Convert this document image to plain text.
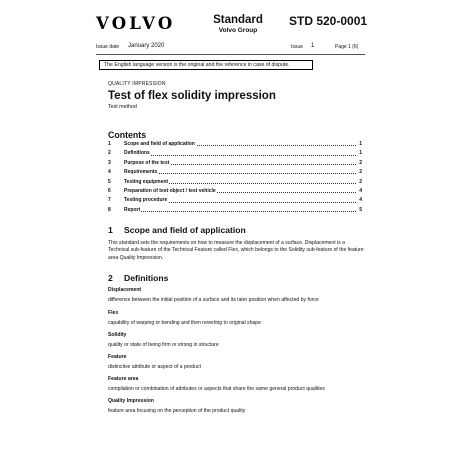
VOLVO	Standard
Volvo Group
STD 520-0001
Issue date January 2020	Issue 1	Page 1 (6)
The English language version is the original and the reference in case of dispute.
QUALITY IMPRESSION
Test of flex solidity impression
Test method
Contents
1	Scope and field of application	1
2	Definitions	1
3	Purpose of the test	2
4	Requirements	2
5	Testing equipment	2
6	Preparation of test object / test vehicle	4
7	Testing procedure	4
8	Report	5
1 Scope and field of application
This standard sets the requirements on how to measure the displacement of a surface. Displacement is a Technical sub-feature of the Technical Feature called Flex, which belongs to the Solidity sub-feature of the feature area Quality Impression.
2 Definitions
Displacement
difference between the initial position of a surface and its later position when affected by force
Flex
capability of warping or bending and then reverting to original shape
Solidity
quality or state of being firm or strong in structure
Feature
distinctive attribute or aspect of a product
Feature area
compilation or combination of attributes or aspects that share the same general product qualities
Quality Impression
feature area focusing on the perception of the product quality
